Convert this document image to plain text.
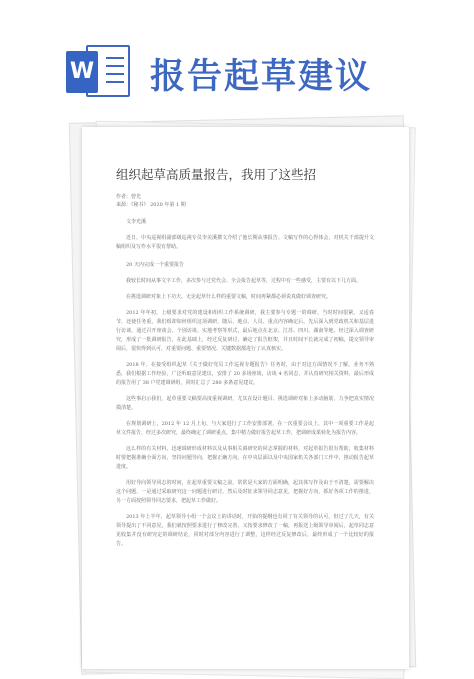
W 报告起草建议
组织起草高质量报告，我用了这些招
作者：曾光
来源：《秘书》 2020 年第 1 期
文李光溪

近日，中央巡视组副部级巡视专员李美溪撰文介绍了他长期从事报告、文稿写作的心得体会，对机关干部提升文稿组织及写作水平很有帮助。

20 天内完成一个重要报告

我较长时间从事文字工作，多次参与过党代会、全会报告起草等，过程中有一些感受，主要有以下几方面。

在挑选调研对象上下功夫。无论起草什么样的重要文稿，时间再紧都必须说真做好调查研究。

2012 年年初，上级要求对党的建设和组织工作系统调研，我主要参与专题一的调研，当时时间很紧，又适春节，还使任务重，我们组却如何组织这项调研，随后，地点、人员、重点内容确定后，先后深入到党政机关和基层进行访谈，通过召开座谈会、个别访谈、实地考察等形式，最后地点在北京、江苏、四川、湖南等地，经过深入调查研究，形成了一批调研报告，在此基础上，经过反复研讨，确定了报告框架，并且时间不长就完成了初稿，提交领导审阅后，很快得到认可，对重要问题、重要情况、关键数据都进行了认真核实。

2018 年，在接受组织起草《关于做好党员工作巡视专题报告》任务时，由于对这方面情况不了解，业务不熟悉，我们根据工作经验，广泛听取意见建议，安排了 20 多场座谈，访谈 4 名同志，并认真研究相关资料，最后形成的报告用了 38 户党建调研组，同时汇总了 280 多条意见建议。

这些事启示我们，起草重要文稿要高度重视调研，尤其在设计题目、挑选调研对象上多动脑筋，力争把真实情况摸清楚。

在规划调研上，2012 年 12 月上旬，与大家进行了工作安排部署，在一次重要会议上，其中一项重要工作是起草文件报告，经过多次研究，最终确定了调研重点，集中精力做好报告起草工作，把调研成果转化为报告内容。

这么样的有关材料，迅速调研形成材料以及从事相关调研究的同志掌握的材料，对起草报告很有帮助，收集材料时要把握准确全面方向，坚持问题导向，把握正确方向，在中央层面以及中央国家机关各部门工作中，推动报告起草进度。

用好导向领导同志的时间，在起草重要文稿之前，常常是大家的方面明确，起其体写作及由于不清楚，需要解决这个问题，一是通过采取研究这一问题进行研讨，然后及时征求领导同志意见，把握好方向，抓好各项工作的推进，另一方面按照领导同志要求，把起草工作做好。

2013 年上半年，起草领导小组一个会议上的讲话时，开始的提纲也有同了有关领导的认可，但过了几天，有关领导提出了不同意见，我们就按照要求进行了修改完善，又按要求修改了一稿，再报送上级领导审阅后，起草同志意见收集并没有研究定的调研结论，同时对部分内容进行了调整，这样经过反复修改后，最终形成了一个比较好的报告。
